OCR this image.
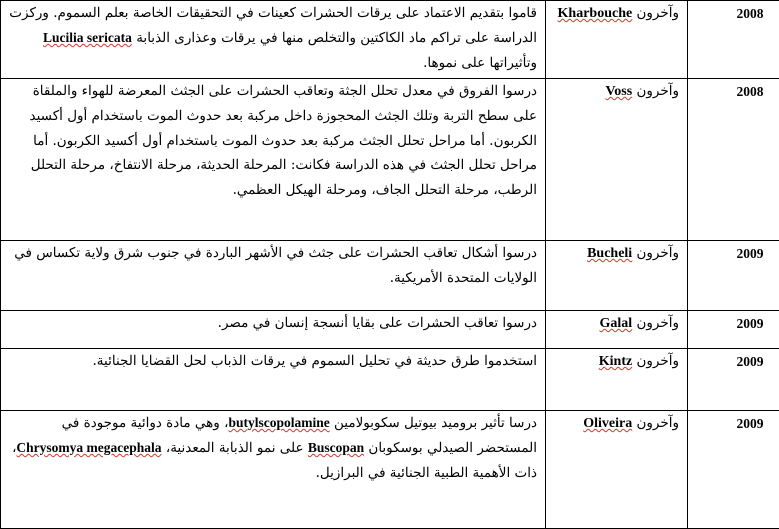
قاموا بتقديم الاعتماد على يرقات الحشرات كعينات في التحقيقات الخاصة بعلم السموم. وركزت الدراسة على تراكم ماد الكاكتين والتخلص منها في يرقات وعذارى الذبابة Lucilia sericata وتأثيراتها على نموها.	وآخرون Kharbouche	2008
درسوا الفروق في معدل تحلل الجثة وتعاقب الحشرات على الجثث المعرضة للهواء والملقاة على سطح التربة وتلك الجثث المحجوزة داخل مركبة بعد حدوث الموت باستخدام أول أكسيد الكربون. أما مراحل تحلل الجثث مركبة بعد حدوث الموت باستخدام أول أكسيد الكربون. أما مراحل تحلل الجثث في هذه الدراسة فكانت: المرحلة الحديثة، مرحلة الانتفاخ، مرحلة التحلل الرطب، مرحلة التحلل الجاف، ومرحلة الهيكل العظمي.	وآخرون Voss	2008
درسوا أشكال تعاقب الحشرات على جثث في الأشهر الباردة في جنوب شرق ولاية تكساس في الولايات المتحدة الأمريكية.	وآخرون Bucheli	2009
درسوا تعاقب الحشرات على بقايا أنسجة إنسان في مصر.	وآخرون Galal	2009
استخدموا طرق حديثة في تحليل السموم في يرقات الذباب لحل القضايا الجنائية.	وآخرون Kintz	2009
درسا تأثير بروميد بيوتيل سكوبولامين butylscopolamine، وهي مادة دوائية موجودة في المستحضر الصيدلي بوسكوبان Buscopan على نمو الذبابة المعدنية، Chrysomya megacephala، ذات الأهمية الطبية الجنائية في البرازيل.	وآخرون Oliveira	2009
